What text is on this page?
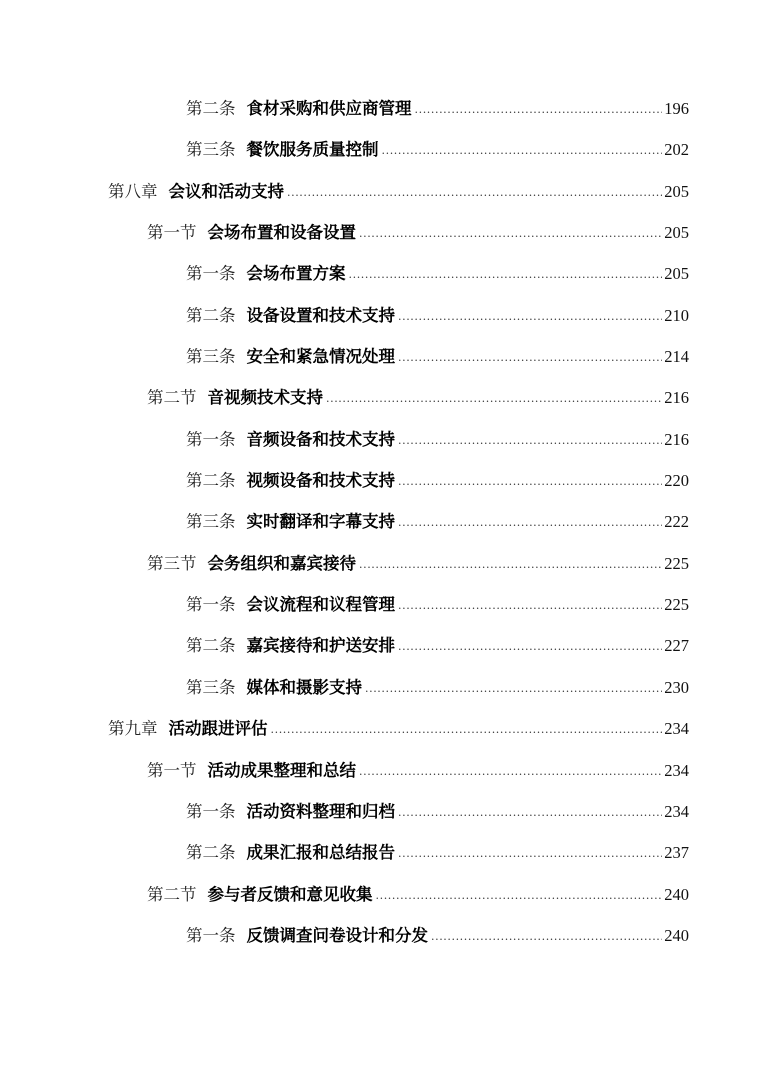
第二条 食材采购和供应商管理 .....	196
第三条 餐饮服务质量控制 .....	202
第八章 会议和活动支持 .....	205
第一节 会场布置和设备设置 .....	205
第一条 会场布置方案 .....	205
第二条 设备设置和技术支持 .....	210
第三条 安全和紧急情况处理 .....	214
第二节 音视频技术支持 .....	216
第一条 音频设备和技术支持 .....	216
第二条 视频设备和技术支持 .....	220
第三条 实时翻译和字幕支持 .....	222
第三节 会务组织和嘉宾接待 .....	225
第一条 会议流程和议程管理 .....	225
第二条 嘉宾接待和护送安排 .....	227
第三条 媒体和摄影支持 .....	230
第九章 活动跟进评估 .....	234
第一节 活动成果整理和总结 .....	234
第一条 活动资料整理和归档 .....	234
第二条 成果汇报和总结报告 .....	237
第二节 参与者反馈和意见收集 .....	240
第一条 反馈调查问卷设计和分发 .....	240
